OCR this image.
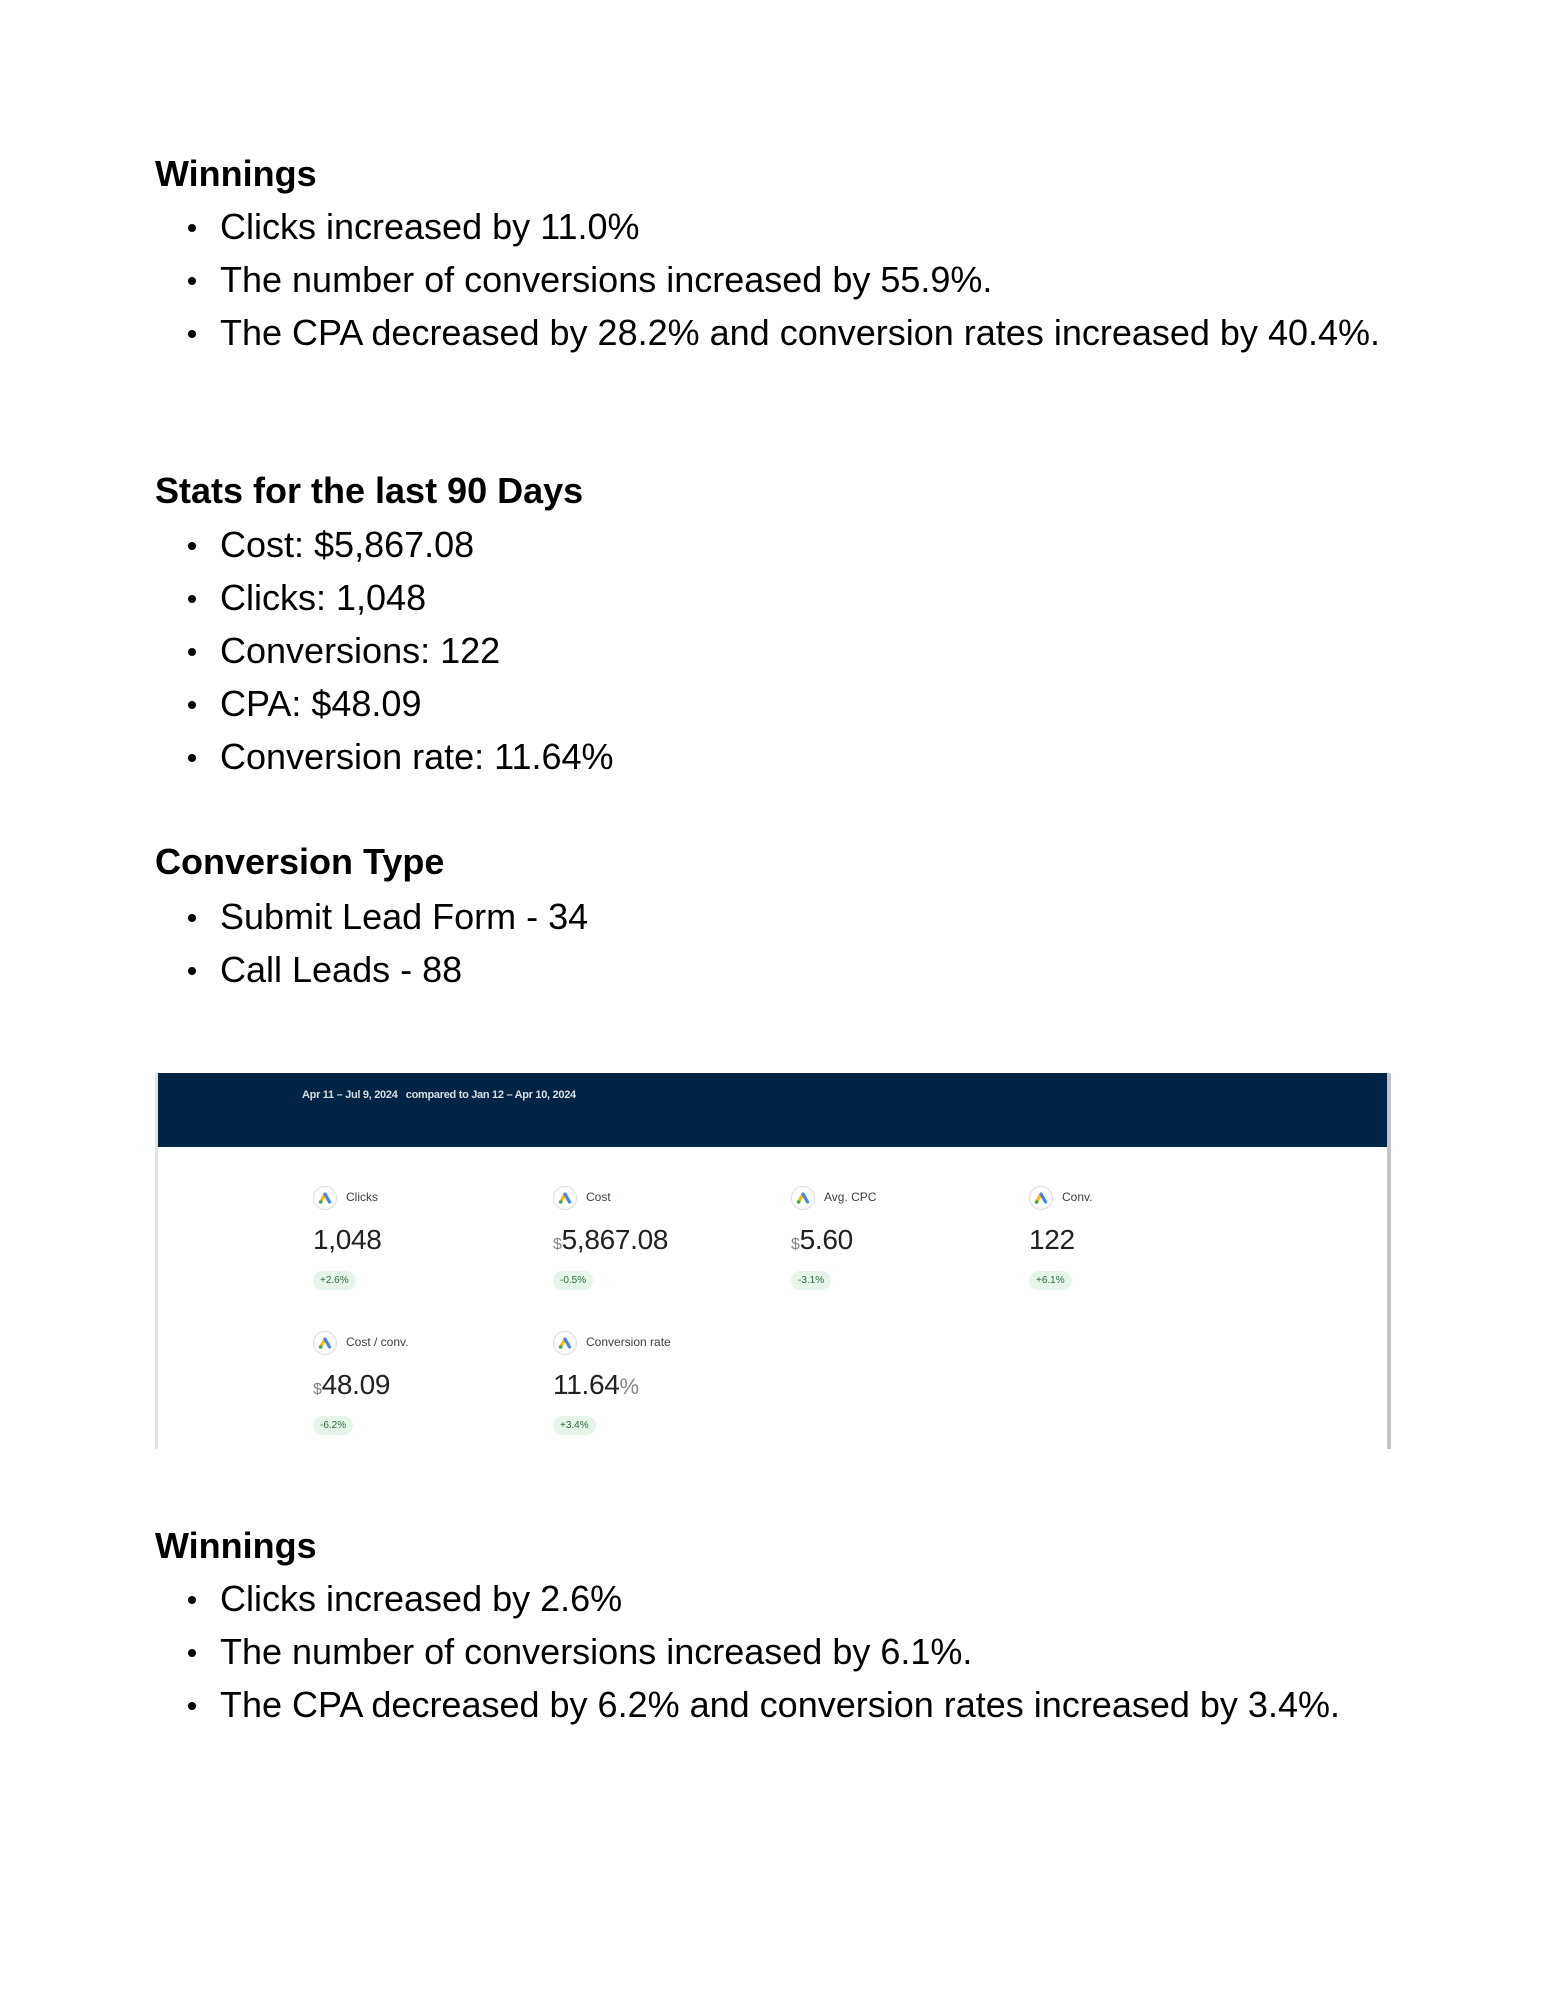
Winnings
Clicks increased by 11.0%
The number of conversions increased by 55.9%.
The CPA decreased by 28.2% and conversion rates increased by 40.4%.
Stats for the last 90 Days
Cost: $5,867.08
Clicks: 1,048
Conversions: 122
CPA: $48.09
Conversion rate: 11.64%
Conversion Type
Submit Lead Form - 34
Call Leads - 88
Apr 11 – Jul 9, 2024   compared to Jan 12 – Apr 10, 2024
Clicks
1,048
+2.6%
Cost
$5,867.08
-0.5%
Avg. CPC
$5.60
-3.1%
Conv.
122
+6.1%
Cost / conv.
$48.09
-6.2%
Conversion rate
11.64%
+3.4%
Winnings
Clicks increased by 2.6%
The number of conversions increased by 6.1%.
The CPA decreased by 6.2% and conversion rates increased by 3.4%.
